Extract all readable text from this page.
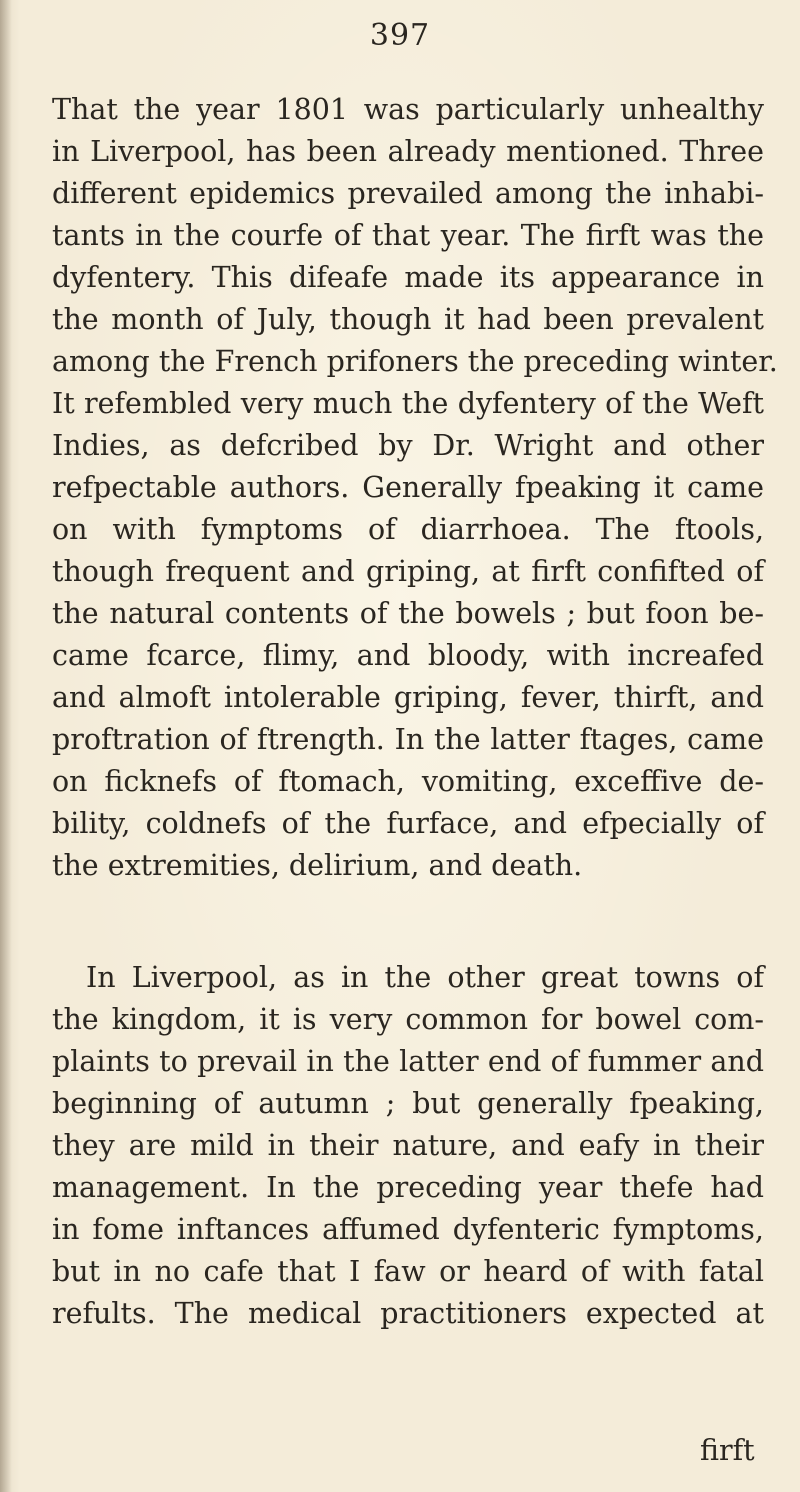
397
That the year 1801 was particularly unhealthy
in Liverpool, has been already mentioned. Three
different epidemics prevailed among the inhabi-
tants in the courfe of that year. The firft was the
dyfentery. This difeafe made its appearance in
the month of July, though it had been prevalent
among the French prifoners the preceding winter.
It refembled very much the dyfentery of the Weft
Indies, as defcribed by Dr. Wright and other
refpectable authors. Generally fpeaking it came
on with fymptoms of diarrhoea. The ftools,
though frequent and griping, at firft confifted of
the natural contents of the bowels ; but foon be-
came fcarce, flimy, and bloody, with increafed
and almoft intolerable griping, fever, thirft, and
proftration of ftrength. In the latter ftages, came
on ficknefs of ftomach, vomiting, exceffive de-
bility, coldnefs of the furface, and efpecially of
the extremities, delirium, and death.
In Liverpool, as in the other great towns of
the kingdom, it is very common for bowel com-
plaints to prevail in the latter end of fummer and
beginning of autumn ; but generally fpeaking,
they are mild in their nature, and eafy in their
management. In the preceding year thefe had
in fome inftances affumed dyfenteric fymptoms,
but in no cafe that I faw or heard of with fatal
refults. The medical practitioners expected at
firft
